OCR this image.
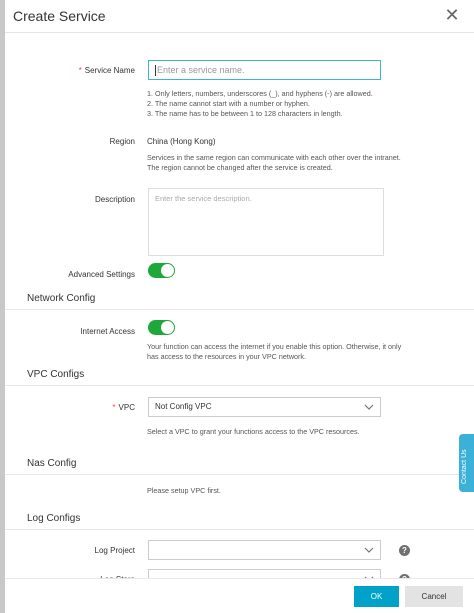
Create Service	✕
* Service Name	Enter a service name.
1. Only letters, numbers, underscores (_), and hyphens (-) are allowed.
2. The name cannot start with a number or hyphen.
3. The name has to be between 1 to 128 characters in length.
Region China (Hong Kong)
Services in the same region can communicate with each other over the intranet. The region cannot be changed after the service is created.
Description	Enter the service description.
Advanced Settings
Network Config
Internet Access
Your function can access the internet if you enable this option. Otherwise, it only has access to the resources in your VPC network.
VPC Configs
* VPC	Not Config VPC
Select a VPC to grant your functions access to the VPC resources.
Nas Config
Please setup VPC first.
Log Configs
Log Project	?
OK	Cancel
Contact Us
